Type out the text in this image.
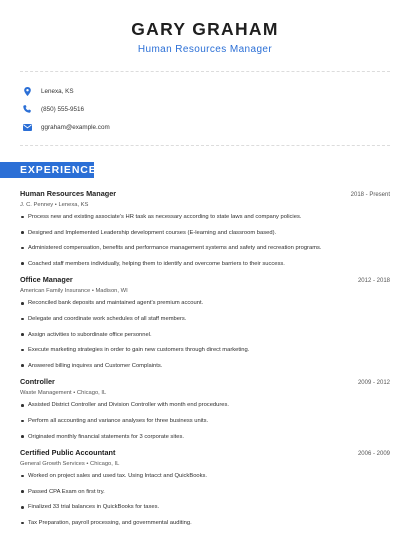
GARY GRAHAM
Human Resources Manager
Lenexa, KS
(850) 555-9516
ggraham@example.com
EXPERIENCE
Human Resources Manager	2018 - Present
J. C. Penney • Lenexa, KS
Process new and existing associate’s HR task as necessary according to state laws and company policies.
Designed and Implemented Leadership development courses (E-learning and classroom based).
Administered compensation, benefits and performance management systems and safety and recreation programs.
Coached staff members individually, helping them to identify and overcome barriers to their success.
Office Manager	2012 - 2018
American Family Insurance • Madison, WI
Reconciled bank deposits and maintained agent’s premium account.
Delegate and coordinate work schedules of all staff members.
Assign activities to subordinate office personnel.
Execute marketing strategies in order to gain new customers through direct marketing.
Answered billing inquires and Customer Complaints.
Controller	2009 - 2012
Waste Management • Chicago, IL
Assisted District Controller and Division Controller with month end procedures.
Perform all accounting and variance analyses for three business units.
Originated monthly financial statements for 3 corporate sites.
Certified Public Accountant	2006 - 2009
General Growth Services • Chicago, IL
Worked on project sales and used tax. Using Intacct and QuickBooks.
Passed CPA Exam on first try.
Finalized 33 trial balances in QuickBooks for taxes.
Tax Preparation, payroll processing, and governmental auditing.
